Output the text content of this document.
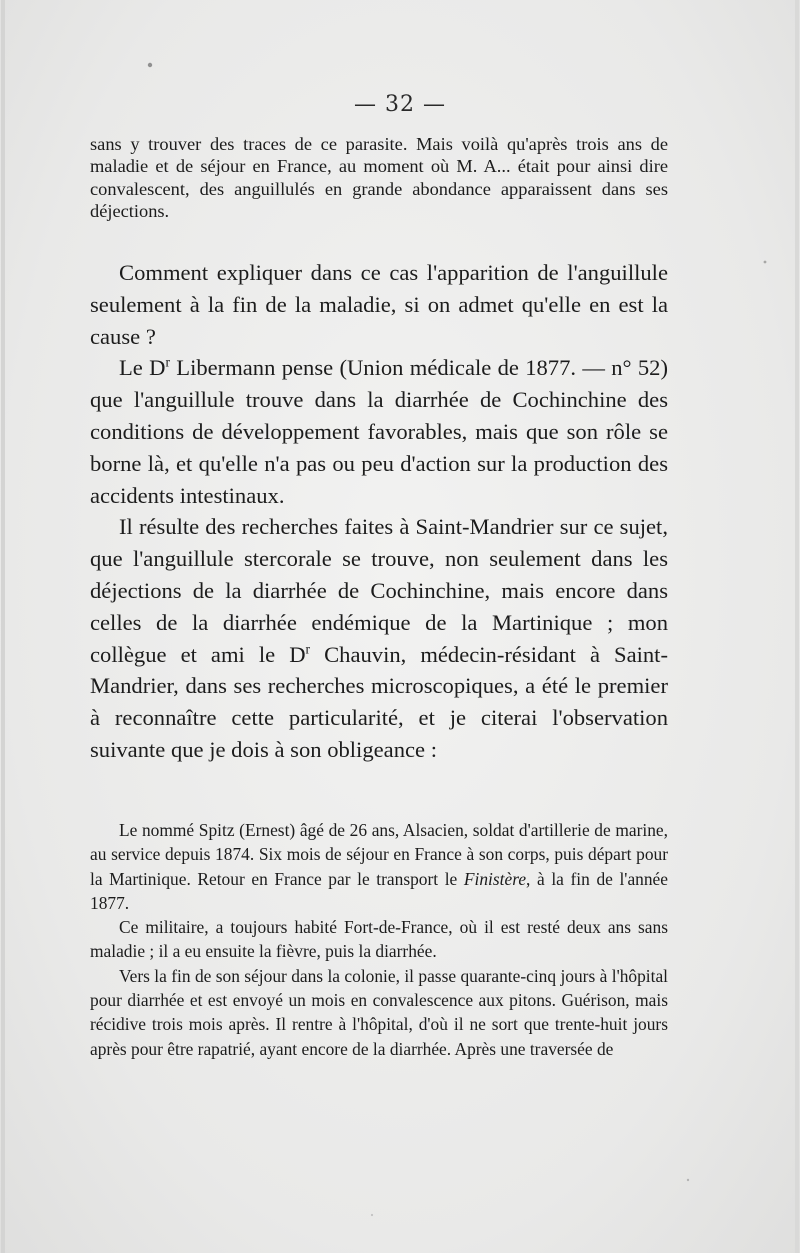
— 32 —

sans y trouver des traces de ce parasite. Mais voilà qu'après trois ans de maladie et de séjour en France, au moment où M. A... était pour ainsi dire convalescent, des anguillulés en grande abondance apparaissent dans ses déjections.

Comment expliquer dans ce cas l'apparition de l'anguillule seulement à la fin de la maladie, si on admet qu'elle en est la cause ?

Le $D^r$ Libermann pense (Union médicale de 1877. — n° 52) que l'anguillule trouve dans la diarrhée de Cochinchine des conditions de développement favorables, mais que son rôle se borne là, et qu'elle n'a pas ou peu d'action sur la production des accidents intestinaux.

Il résulte des recherches faites à Saint-Mandrier sur ce sujet, que l'anguillule stercorale se trouve, non seulement dans les déjections de la diarrhée de Cochinchine, mais encore dans celles de la diarrhée endémique de la Martinique ; mon collègue et ami le $D^r$ Chauvin, médecin-résidant à Saint-Mandrier, dans ses recherches microscopiques, a été le premier à reconnaître cette particularité, et je citerai l'observation suivante que je dois à son obligeance :

Le nommé Spitz (Ernest) âgé de 26 ans, Alsacien, soldat d'artillerie de marine, au service depuis 1874. Six mois de séjour en France à son corps, puis départ pour la Martinique. Retour en France par le transport le Finistère, à la fin de l'année 1877.

Ce militaire, a toujours habité Fort-de-France, où il est resté deux ans sans maladie ; il a eu ensuite la fièvre, puis la diarrhée.

Vers la fin de son séjour dans la colonie, il passe quarante-cinq jours à l'hôpital pour diarrhée et est envoyé un mois en convalescence aux pitons. Guérison, mais récidive trois mois après. Il rentre à l'hôpital, d'où il ne sort que trente-huit jours après pour être rapatrié, ayant encore de la diarrhée. Après une traversée de
